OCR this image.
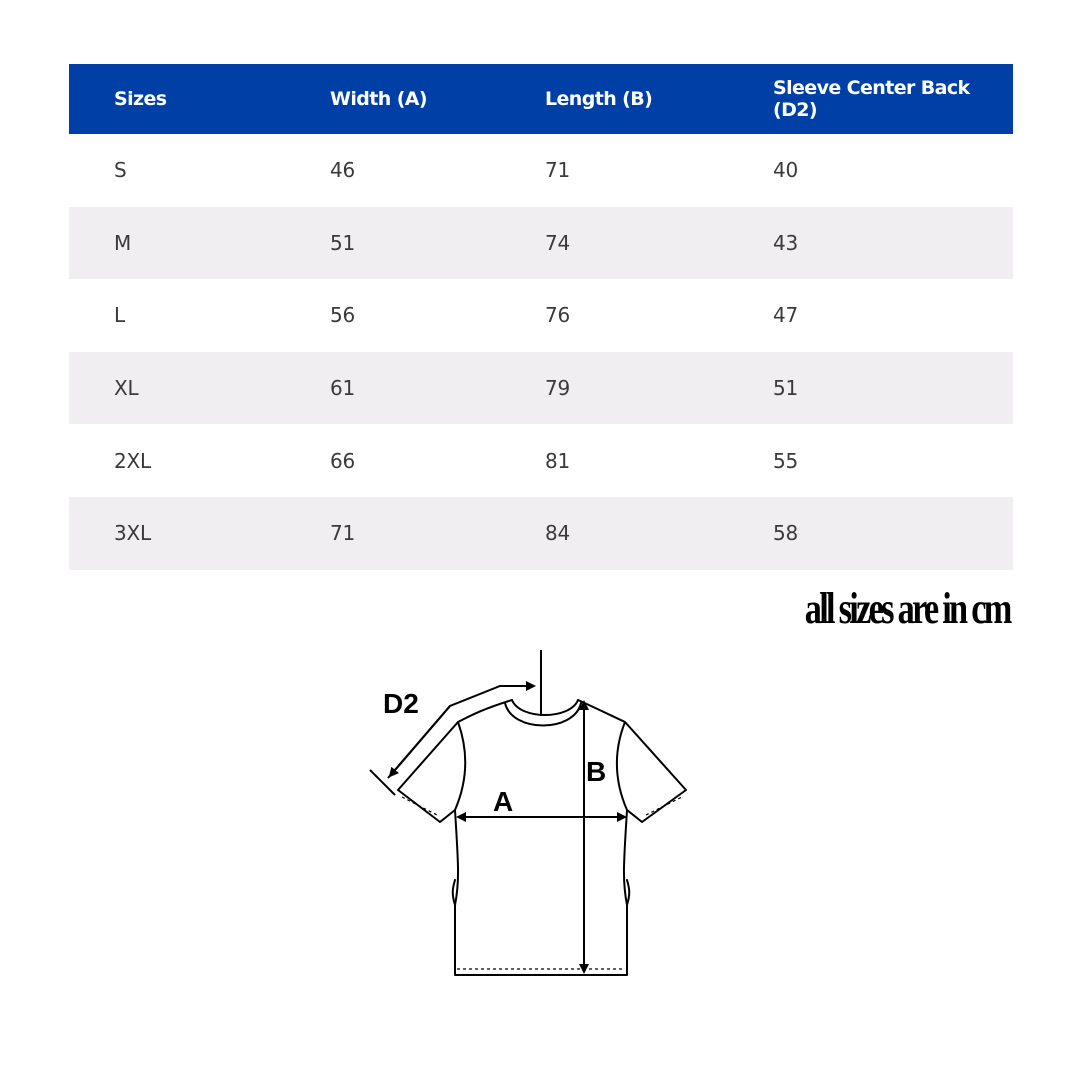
Sizes	Width (A)	Length (B)	Sleeve Center Back (D2)
S	46	71	40
M	51	74	43
L	56	76	47
XL	61	79	51
2XL	66	81	55
3XL	71	84	58
all sizes are in cm
D2
A
B
